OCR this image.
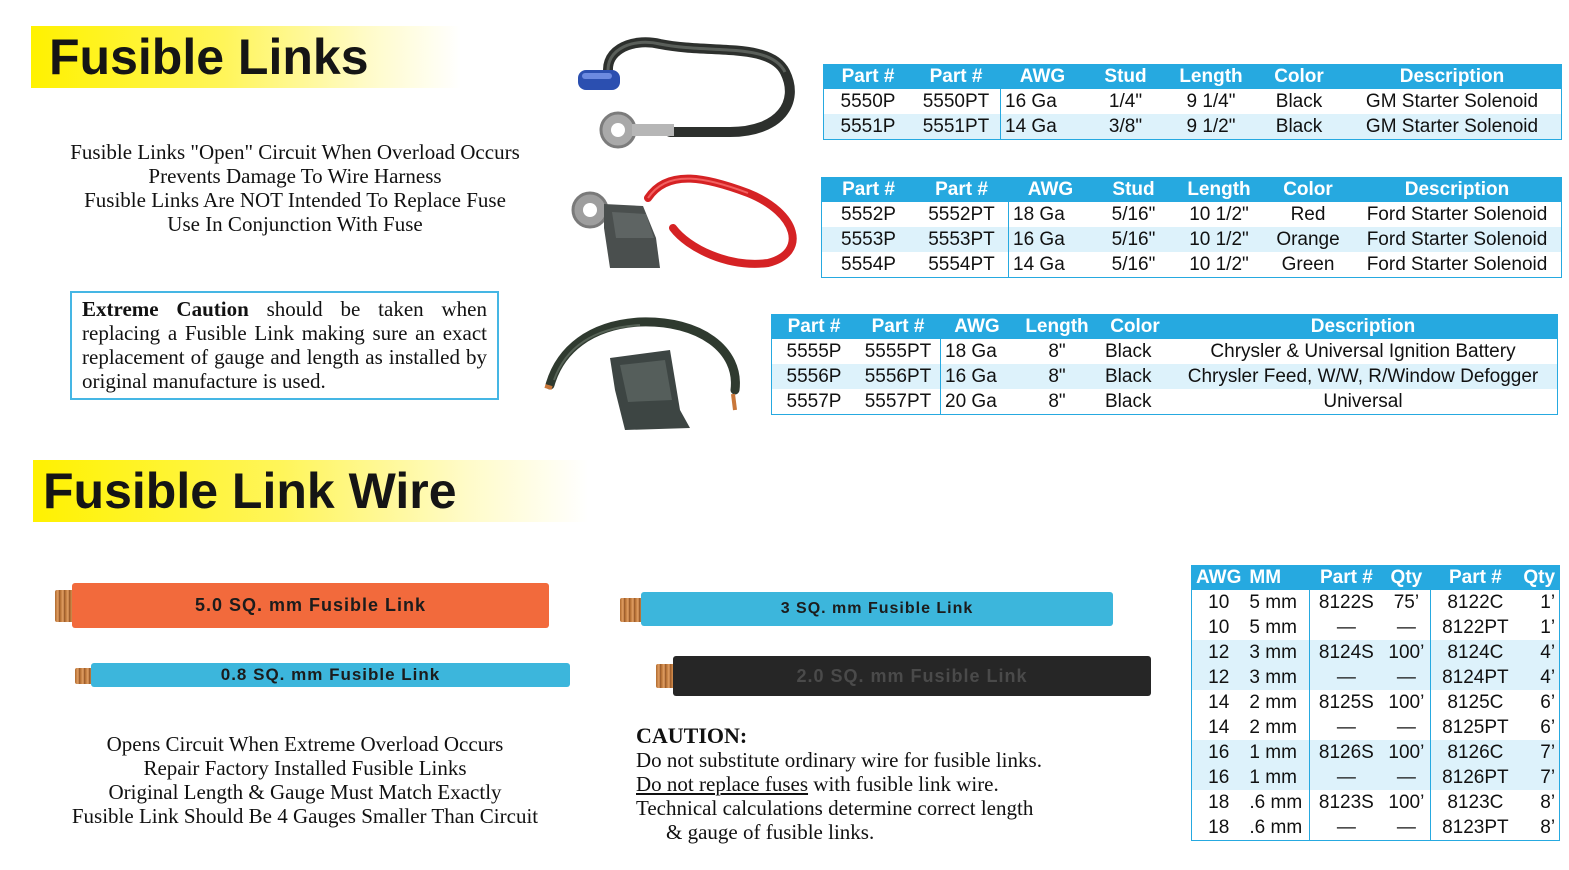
Fusible Links
Fusible Links "Open" Circuit When Overload Occurs
Prevents Damage To Wire Harness
Fusible Links Are NOT Intended To Replace Fuse
Use In Conjunction With Fuse
Extreme Caution should be taken when replacing a Fusible Link making sure an exact replacement of gauge and length as installed by original manufacture is used.
Part #	Part #	AWG	Stud	Length	Color	Description
5550P	5550PT	16 Ga	1/4"	9 1/4"	Black	GM Starter Solenoid
5551P	5551PT	14 Ga	3/8"	9 1/2"	Black	GM Starter Solenoid
Part #	Part #	AWG	Stud	Length	Color	Description
5552P	5552PT	18 Ga	5/16"	10 1/2"	Red	Ford Starter Solenoid
5553P	5553PT	16 Ga	5/16"	10 1/2"	Orange	Ford Starter Solenoid
5554P	5554PT	14 Ga	5/16"	10 1/2"	Green	Ford Starter Solenoid
Part #	Part #	AWG	Length	Color	Description
5555P	5555PT	18 Ga	8"	Black	Chrysler & Universal Ignition Battery
5556P	5556PT	16 Ga	8"	Black	Chrysler Feed, W/W, R/Window Defogger
5557P	5557PT	20 Ga	8"	Black	Universal
Fusible Link Wire
5.0 SQ. mm Fusible Link
0.8 SQ. mm Fusible Link
3 SQ. mm Fusible Link
2.0 SQ. mm Fusible Link
Opens Circuit When Extreme Overload Occurs
Repair Factory Installed Fusible Links
Original Length & Gauge Must Match Exactly
Fusible Link Should Be 4 Gauges Smaller Than Circuit
CAUTION:
Do not substitute ordinary wire for fusible links.
Do not replace fuses with fusible link wire.
Technical calculations determine correct length
& gauge of fusible links.
AWG	MM	Part #	Qty	Part #	Qty
10	5 mm	8122S	75’	8122C	1’
10	5 mm	—	—	8122PT	1’
12	3 mm	8124S	100’	8124C	4’
12	3 mm	—	—	8124PT	4’
14	2 mm	8125S	100’	8125C	6’
14	2 mm	—	—	8125PT	6’
16	1 mm	8126S	100’	8126C	7’
16	1 mm	—	—	8126PT	7’
18	.6 mm	8123S	100’	8123C	8’
18	.6 mm	—	—	8123PT	8’
